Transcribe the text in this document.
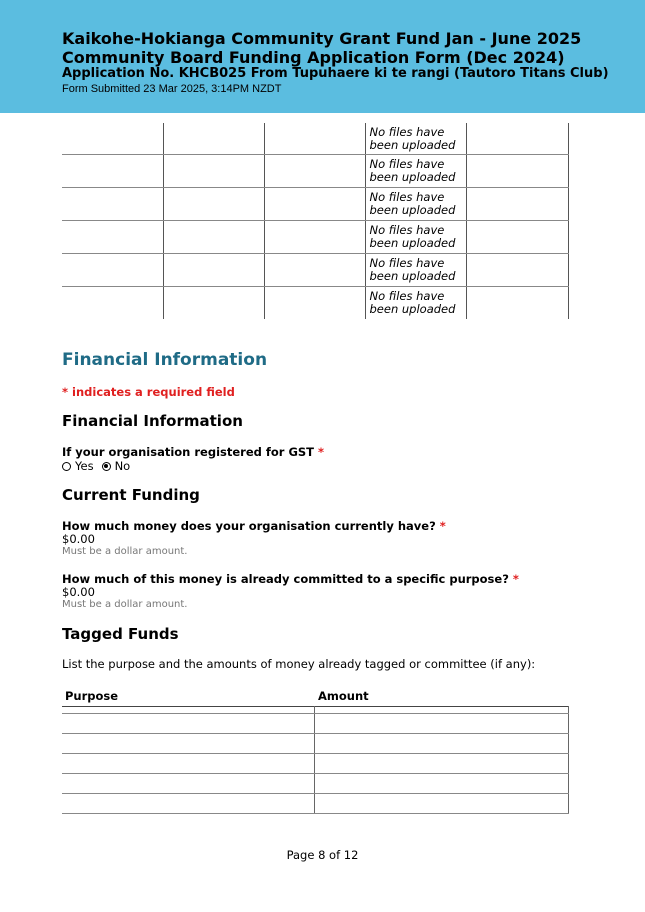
Kaikohe-Hokianga Community Grant Fund Jan - June 2025
Community Board Funding Application Form (Dec 2024)
Application No. KHCB025 From Tupuhaere ki te rangi (Tautoro Titans Club)
Form Submitted 23 Mar 2025, 3:14PM NZDT
			No files have been uploaded	
			No files have been uploaded	
			No files have been uploaded	
			No files have been uploaded	
			No files have been uploaded	
			No files have been uploaded	
Financial Information
* indicates a required field
Financial Information
If your organisation registered for GST *
Yes No
Current Funding
How much money does your organisation currently have? *
$0.00
Must be a dollar amount.
How much of this money is already committed to a specific purpose? *
$0.00
Must be a dollar amount.
Tagged Funds
List the purpose and the amounts of money already tagged or committee (if any):
Purpose	Amount

Page 8 of 12
